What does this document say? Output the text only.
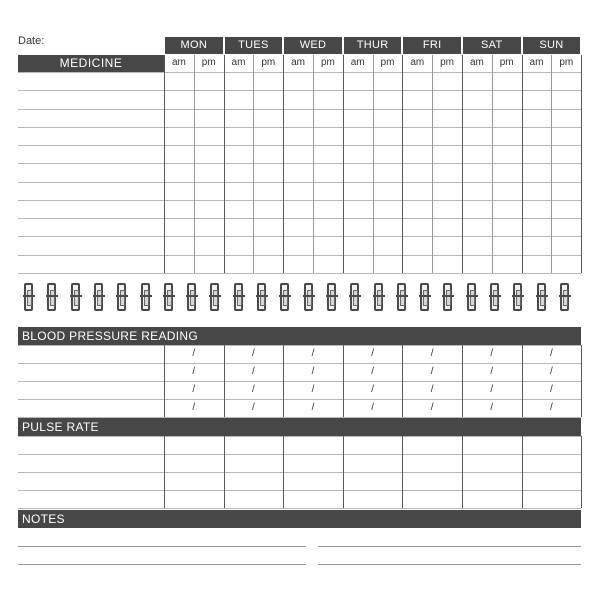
Date:	MON	TUES	WED	THUR	FRI	SAT	SUN
MEDICINE	am	pm	am	pm	am	pm	am	pm	am	pm	am	pm	am	pm
BLOOD PRESSURE READING
/	/	/	/	/	/	/
/	/	/	/	/	/	/
/	/	/	/	/	/	/
/	/	/	/	/	/	/
PULSE RATE
NOTES
